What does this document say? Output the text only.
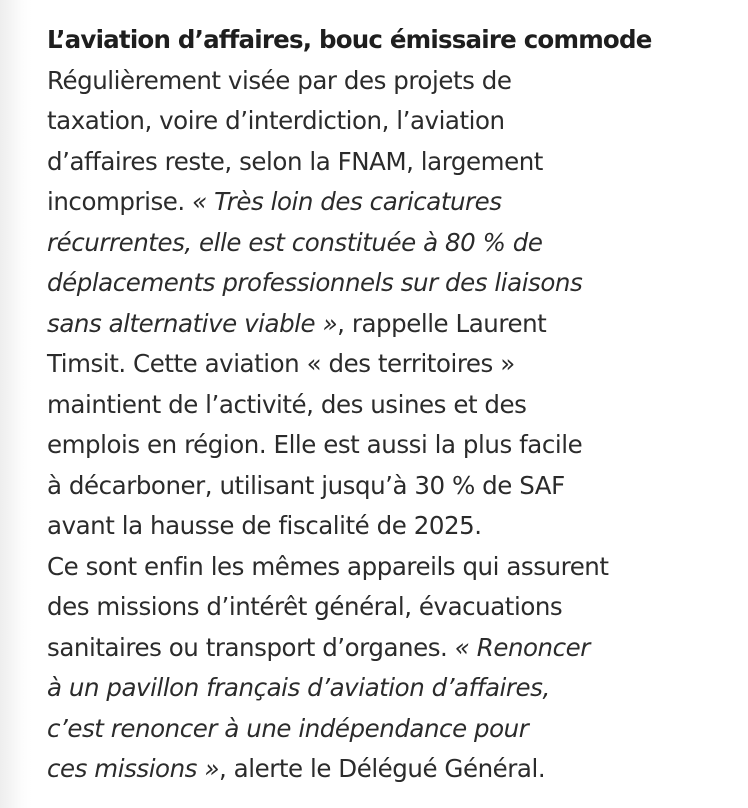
L’aviation d’affaires, bouc émissaire commode

Régulièrement visée par des projets de

taxation, voire d’interdiction, l’aviation

d’affaires reste, selon la FNAM, largement

incomprise. « Très loin des caricatures

récurrentes, elle est constituée à 80 % de

déplacements professionnels sur des liaisons

sans alternative viable », rappelle Laurent

Timsit. Cette aviation « des territoires »

maintient de l’activité, des usines et des

emplois en région. Elle est aussi la plus facile

à décarboner, utilisant jusqu’à 30 % de SAF

avant la hausse de fiscalité de 2025.

Ce sont enfin les mêmes appareils qui assurent

des missions d’intérêt général, évacuations

sanitaires ou transport d’organes. « Renoncer

à un pavillon français d’aviation d’affaires,

c’est renoncer à une indépendance pour

ces missions », alerte le Délégué Général.
